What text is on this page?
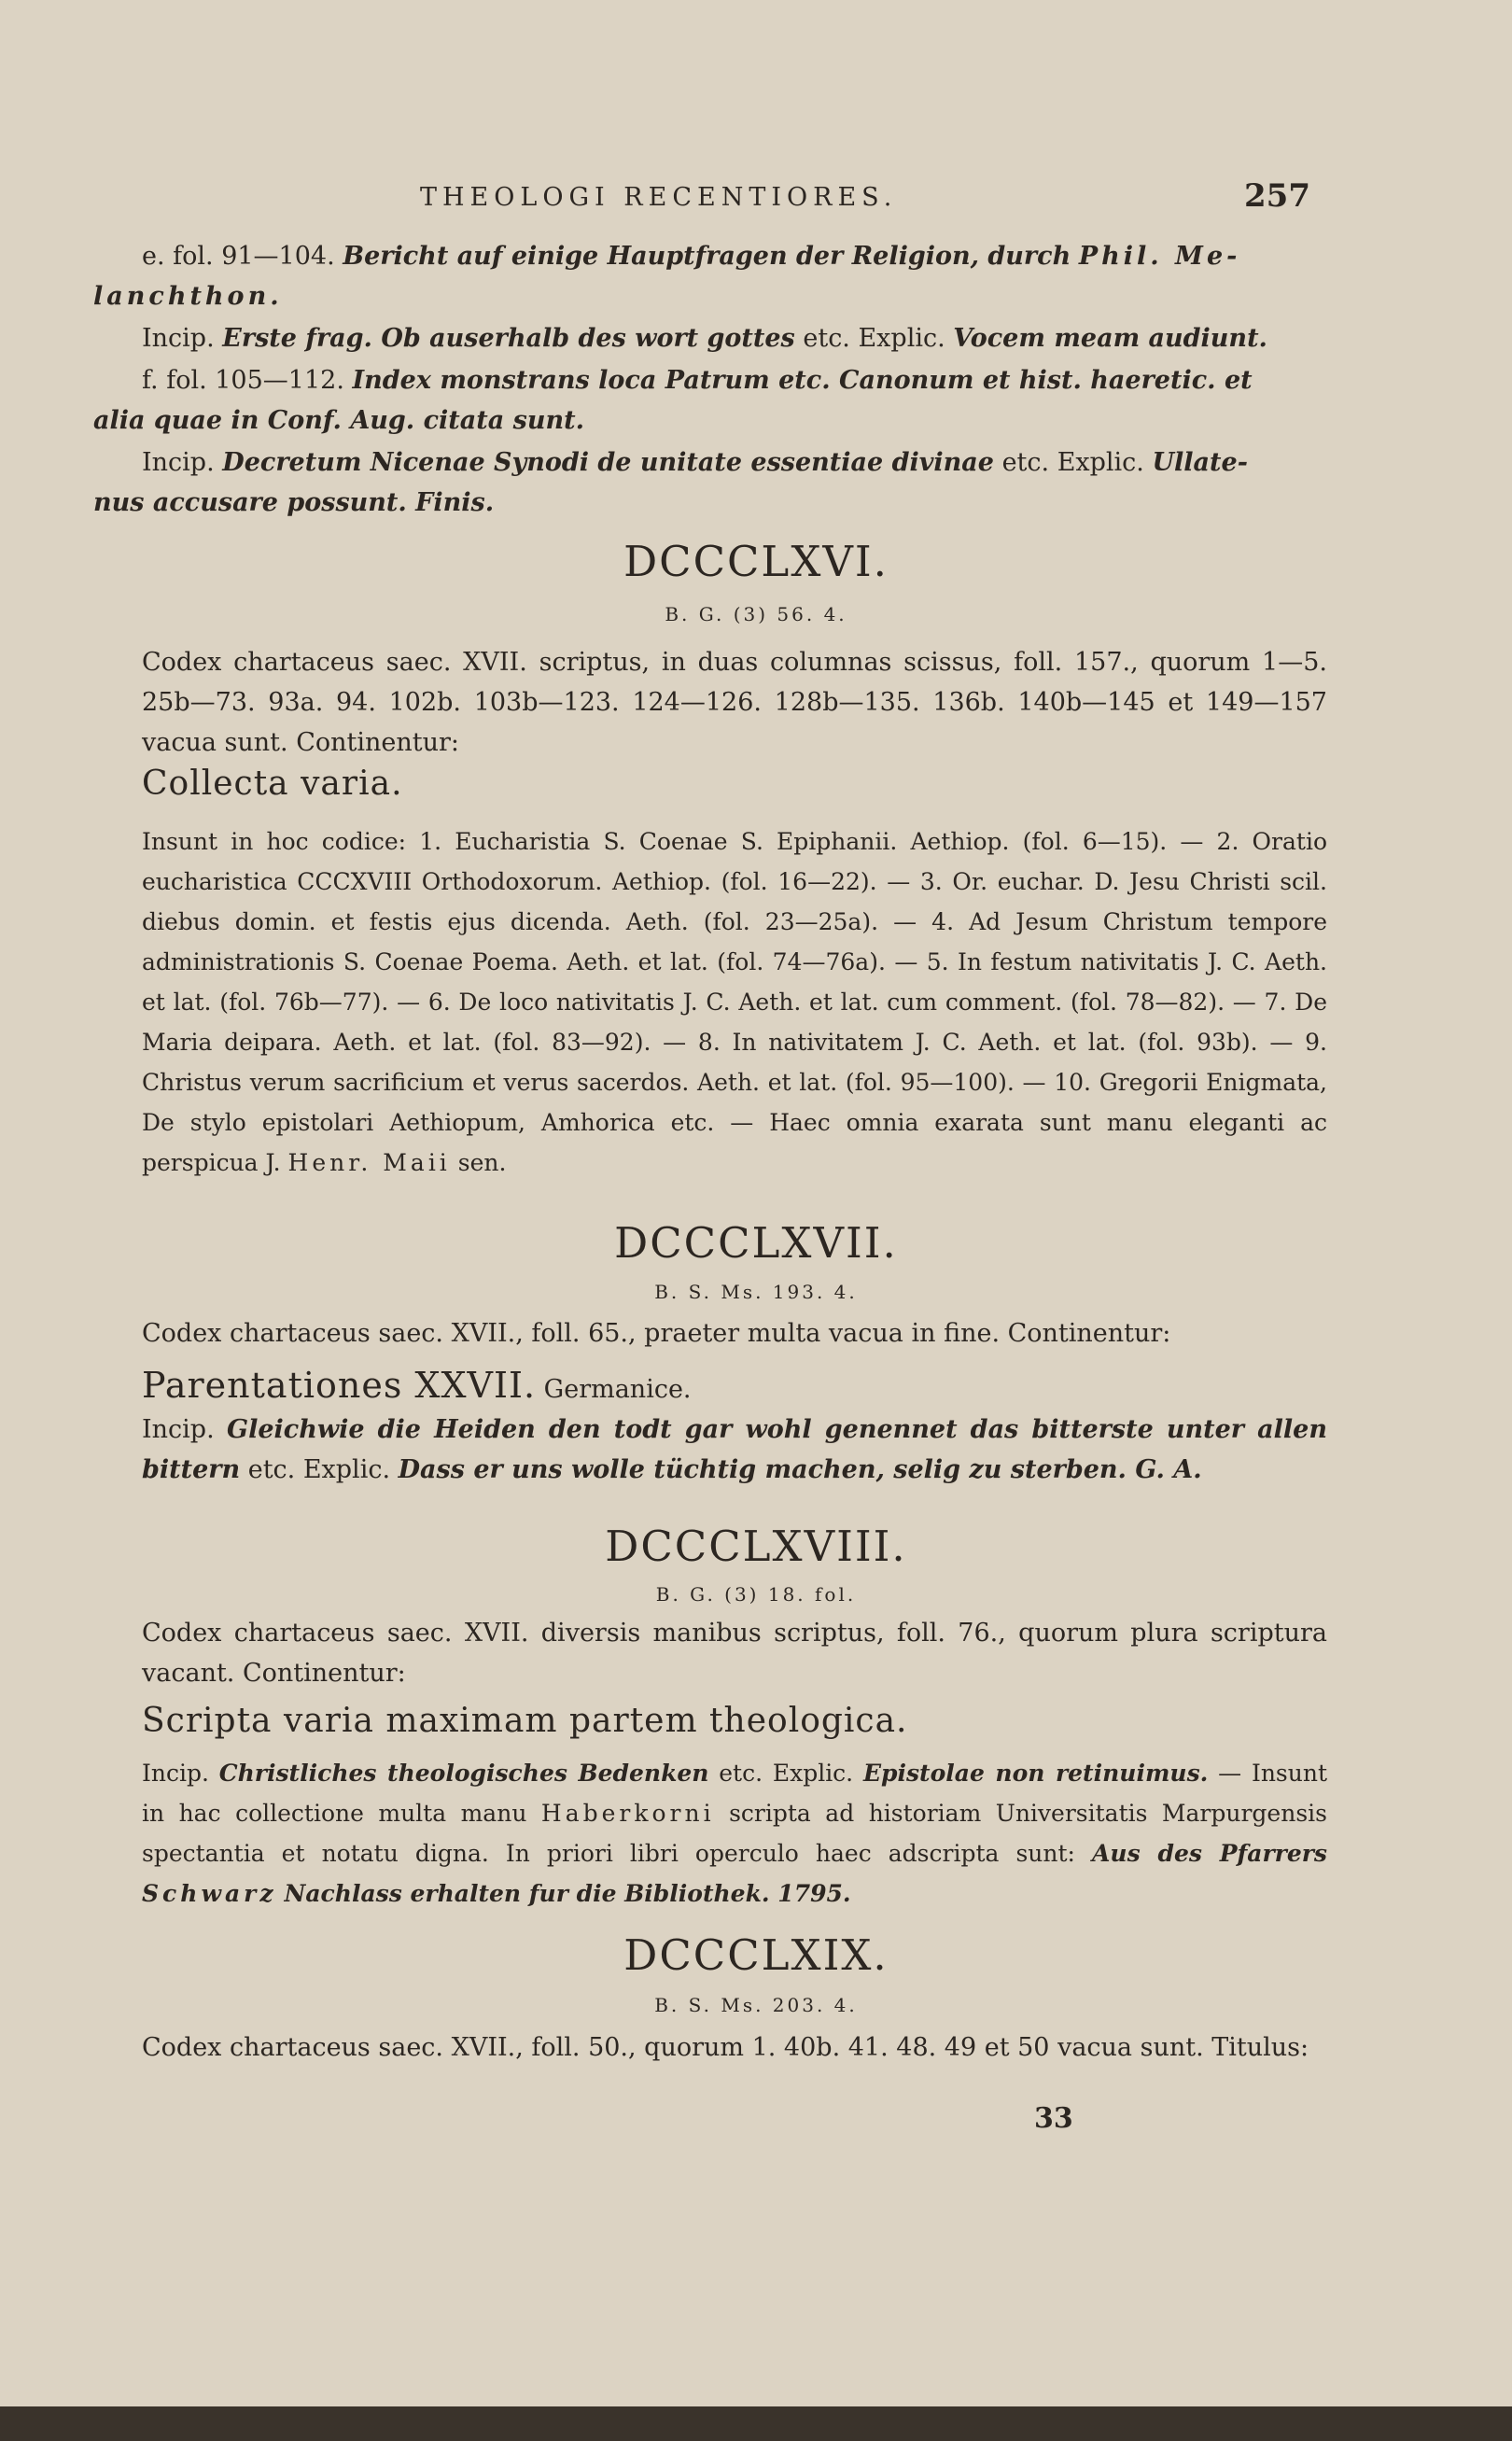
THEOLOGI RECENTIORES.	257

e. fol. 91—104. Bericht auf einige Hauptfragen der Religion, durch Phil. Me-
lanchthon.

Incip. Erste frag. Ob auserhalb des wort gottes etc. Explic. Vocem meam audiunt.

f. fol. 105—112. Index monstrans loca Patrum etc. Canonum et hist. haeretic. et
alia quae in Conf. Aug. citata sunt.

Incip. Decretum Nicenae Synodi de unitate essentiae divinae etc. Explic. Ullate-
nus accusare possunt. Finis.

DCCCLXVI.

B. G. (3) 56. 4.

Codex chartaceus saec. XVII. scriptus, in duas columnas scissus, foll. 157., quorum 1—5. 25b—73. 93a. 94. 102b. 103b—123. 124—126. 128b—135. 136b. 140b—145 et 149—157 vacua sunt. Continentur:

Collecta varia.

Insunt in hoc codice: 1. Eucharistia S. Coenae S. Epiphanii. Aethiop. (fol. 6—15). — 2. Oratio eucharistica CCCXVIII Orthodoxorum. Aethiop. (fol. 16—22). — 3. Or. euchar. D. Jesu Christi scil. diebus domin. et festis ejus dicenda. Aeth. (fol. 23—25a). — 4. Ad Jesum Christum tempore administrationis S. Coenae Poema. Aeth. et lat. (fol. 74—76a). — 5. In festum nativitatis J. C. Aeth. et lat. (fol. 76b—77). — 6. De loco nativitatis J. C. Aeth. et lat. cum comment. (fol. 78—82). — 7. De Maria deipara. Aeth. et lat. (fol. 83—92). — 8. In nativitatem J. C. Aeth. et lat. (fol. 93b). — 9. Christus verum sacrificium et verus sacerdos. Aeth. et lat. (fol. 95—100). — 10. Gregorii Enigmata, De stylo epistolari Aethiopum, Amhorica etc. — Haec omnia exarata sunt manu eleganti ac perspicua J. Henr. Maii sen.

DCCCLXVII.

B. S. Ms. 193. 4.

Codex chartaceus saec. XVII., foll. 65., praeter multa vacua in fine. Continentur:

Parentationes XXVII. Germanice.

Incip. Gleichwie die Heiden den todt gar wohl genennet das bitterste unter allen bittern etc. Explic. Dass er uns wolle tüchtig machen, selig zu sterben. G. A.

DCCCLXVIII.

B. G. (3) 18. fol.

Codex chartaceus saec. XVII. diversis manibus scriptus, foll. 76., quorum plura scriptura vacant. Continentur:

Scripta varia maximam partem theologica.

Incip. Christliches theologisches Bedenken etc. Explic. Epistolae non retinuimus. — Insunt in hac collectione multa manu Haberkorni scripta ad historiam Universitatis Marpurgensis spectantia et notatu digna. In priori libri operculo haec adscripta sunt: Aus des Pfarrers Schwarz Nachlass erhalten fur die Bibliothek. 1795.

DCCCLXIX.

B. S. Ms. 203. 4.

Codex chartaceus saec. XVII., foll. 50., quorum 1. 40b. 41. 48. 49 et 50 vacua sunt. Titulus:

33
